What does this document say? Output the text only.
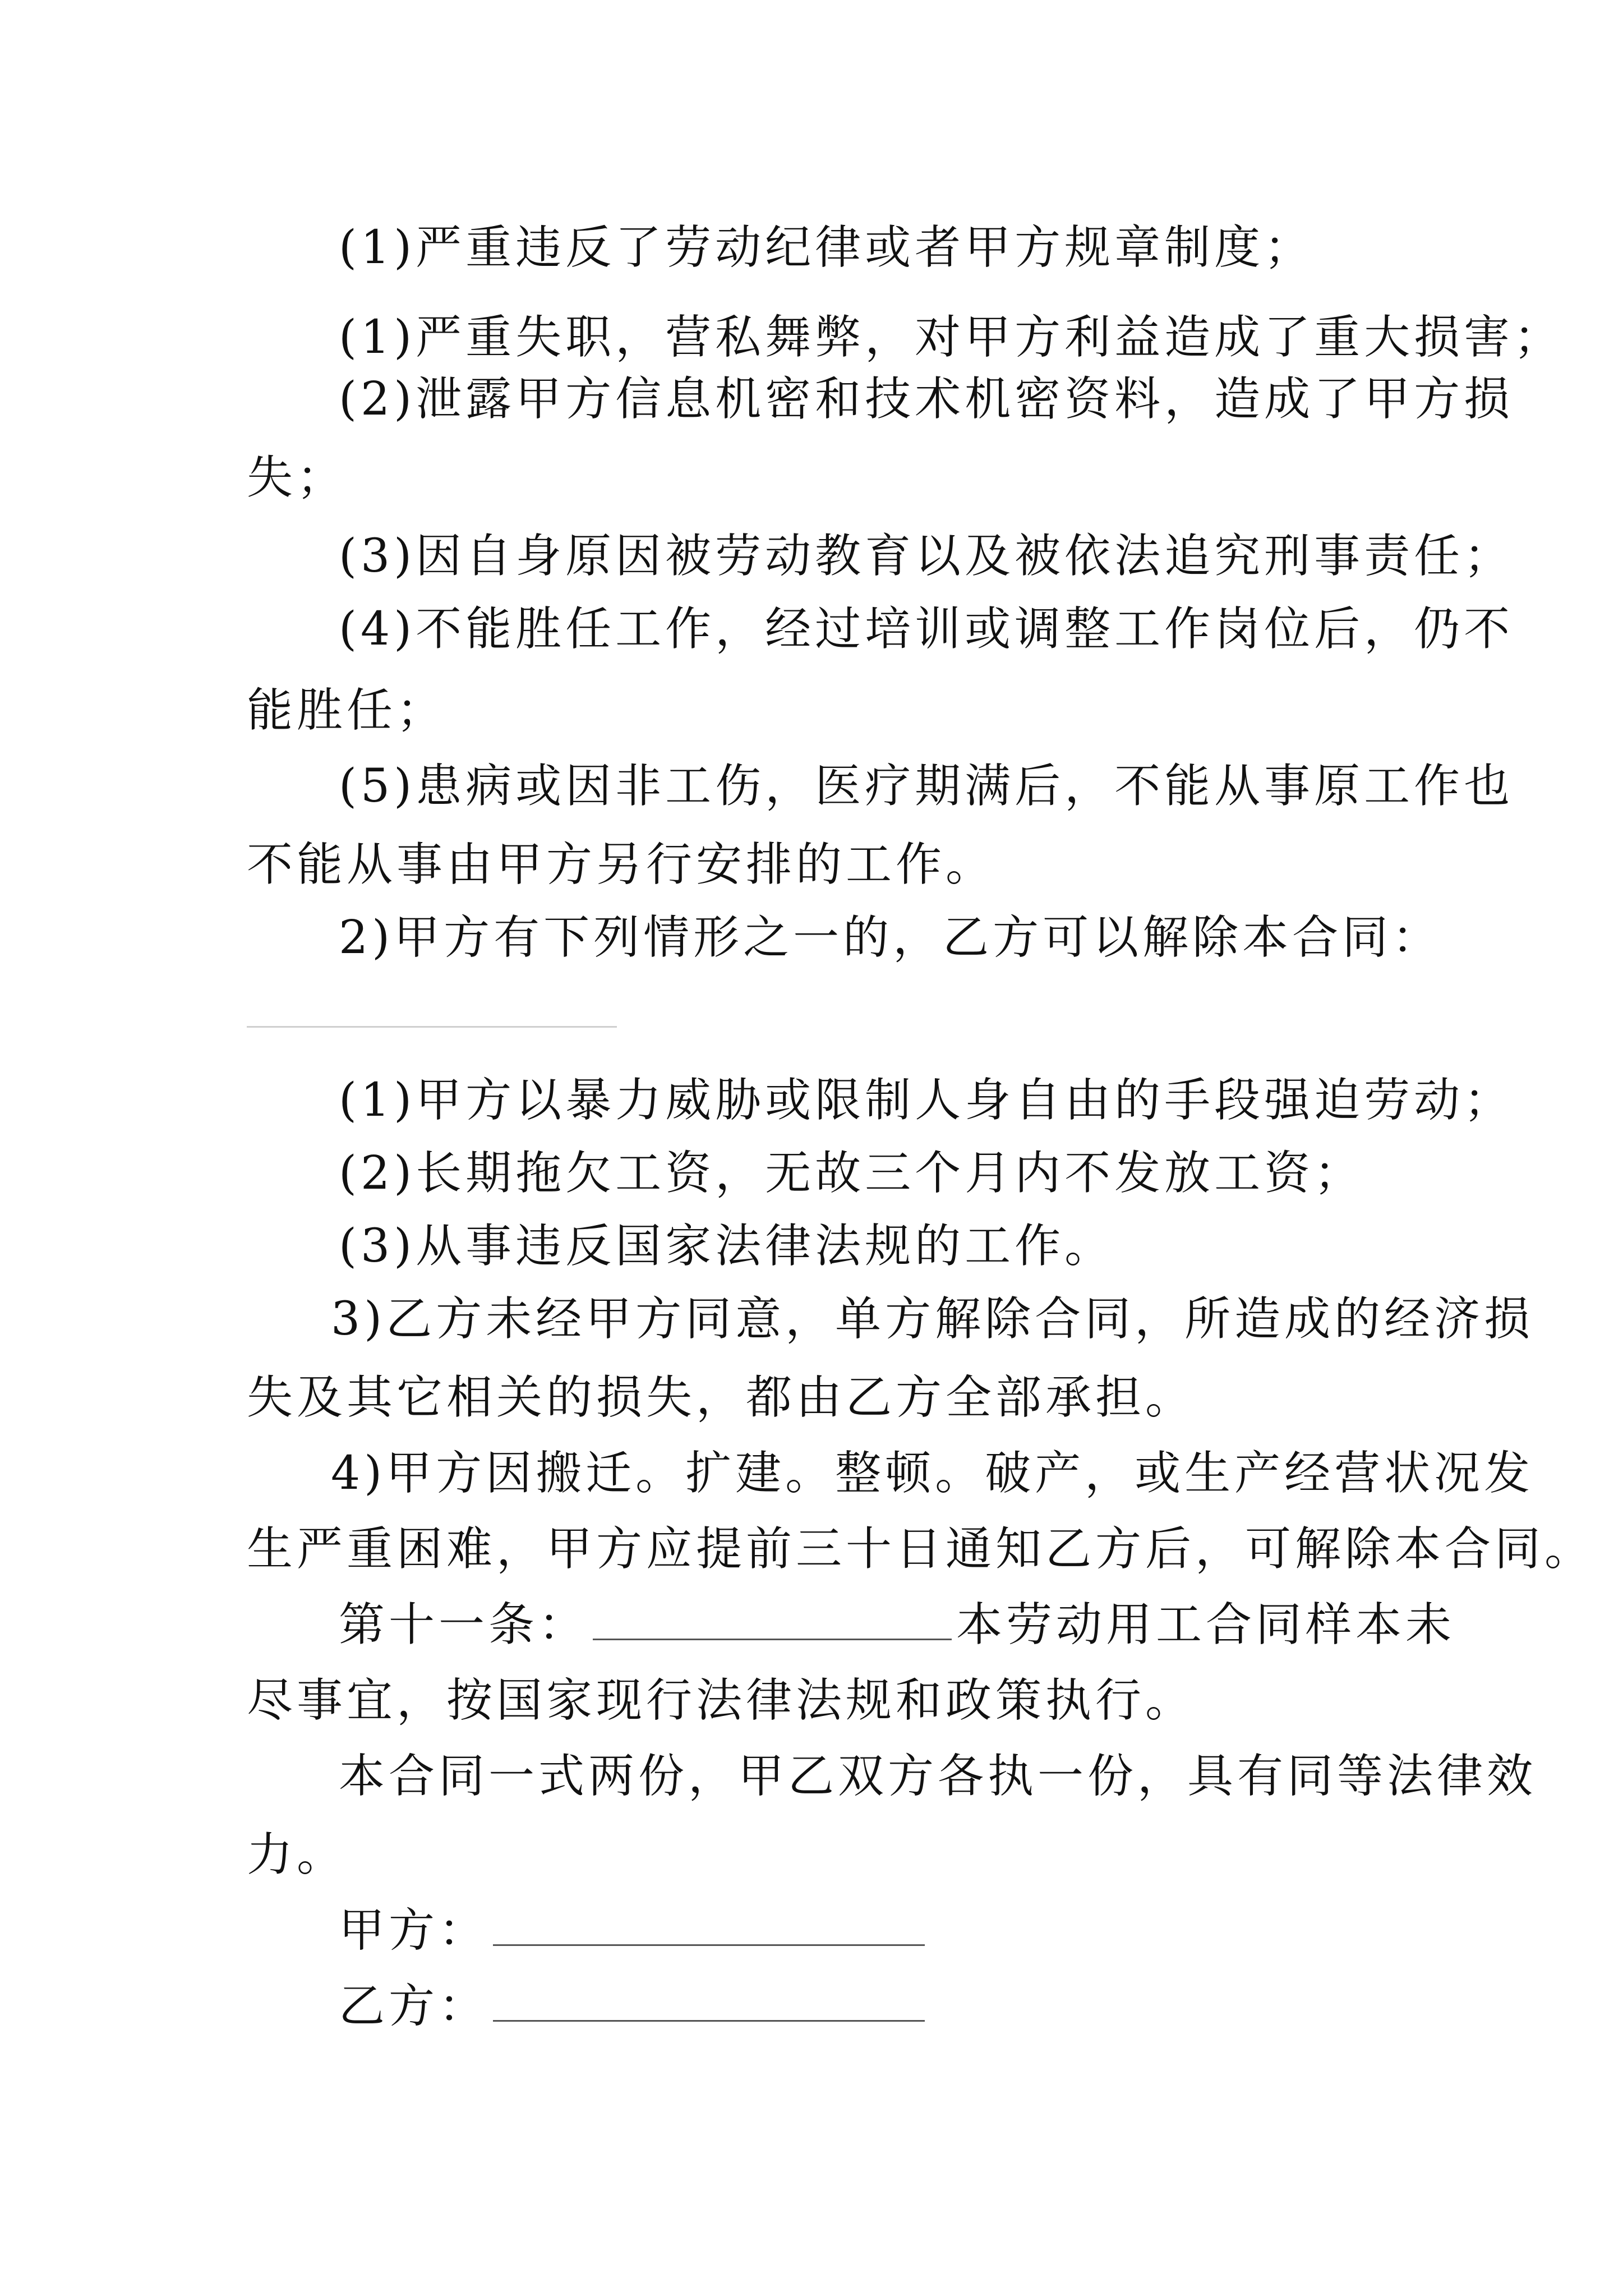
(1)严重违反了劳动纪律或者甲方规章制度；

(1)严重失职，营私舞弊，对甲方利益造成了重大损害；

(2)泄露甲方信息机密和技术机密资料，造成了甲方损

失；

(3)因自身原因被劳动教育以及被依法追究刑事责任；

(4)不能胜任工作，经过培训或调整工作岗位后，仍不

能胜任；

(5)患病或因非工伤，医疗期满后，不能从事原工作也

不能从事由甲方另行安排的工作。

2)甲方有下列情形之一的，乙方可以解除本合同：

(1)甲方以暴力威胁或限制人身自由的手段强迫劳动；

(2)长期拖欠工资，无故三个月内不发放工资；

(3)从事违反国家法律法规的工作。

3)乙方未经甲方同意，单方解除合同，所造成的经济损

失及其它相关的损失，都由乙方全部承担。

4)甲方因搬迁。扩建。整顿。破产，或生产经营状况发

生严重困难，甲方应提前三十日通知乙方后，可解除本合同。

第十一条：	本劳动用工合同样本未

尽事宜，按国家现行法律法规和政策执行。

本合同一式两份，甲乙双方各执一份，具有同等法律效

力。

甲方：

乙方：
